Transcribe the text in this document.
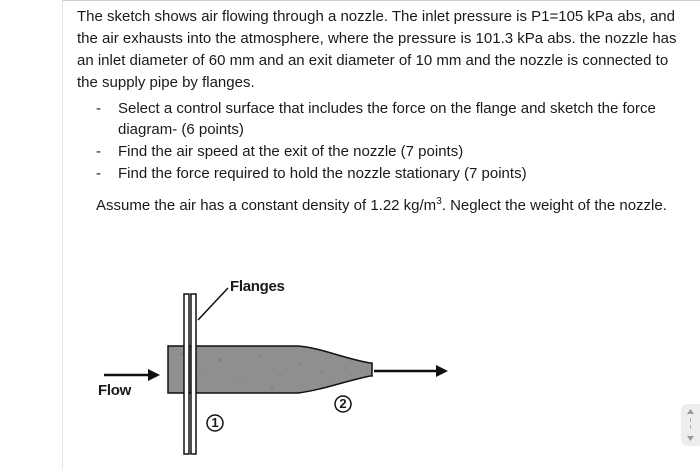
The sketch shows air flowing through a nozzle. The inlet pressure is P1=105 kPa abs, and the air exhausts into the atmosphere, where the pressure is 101.3 kPa abs. the nozzle has an inlet diameter of 60 mm and an exit diameter of 10 mm and the nozzle is connected to the supply pipe by flanges.

- Select a control surface that includes the force on the flange and sketch the force diagram- (6 points)
- Find the air speed at the exit of the nozzle (7 points)
- Find the force required to hold the nozzle stationary (7 points)

Assume the air has a constant density of 1.22 $kg/m^3$. Neglect the weight of the nozzle.

Flanges
Flow
1
2
